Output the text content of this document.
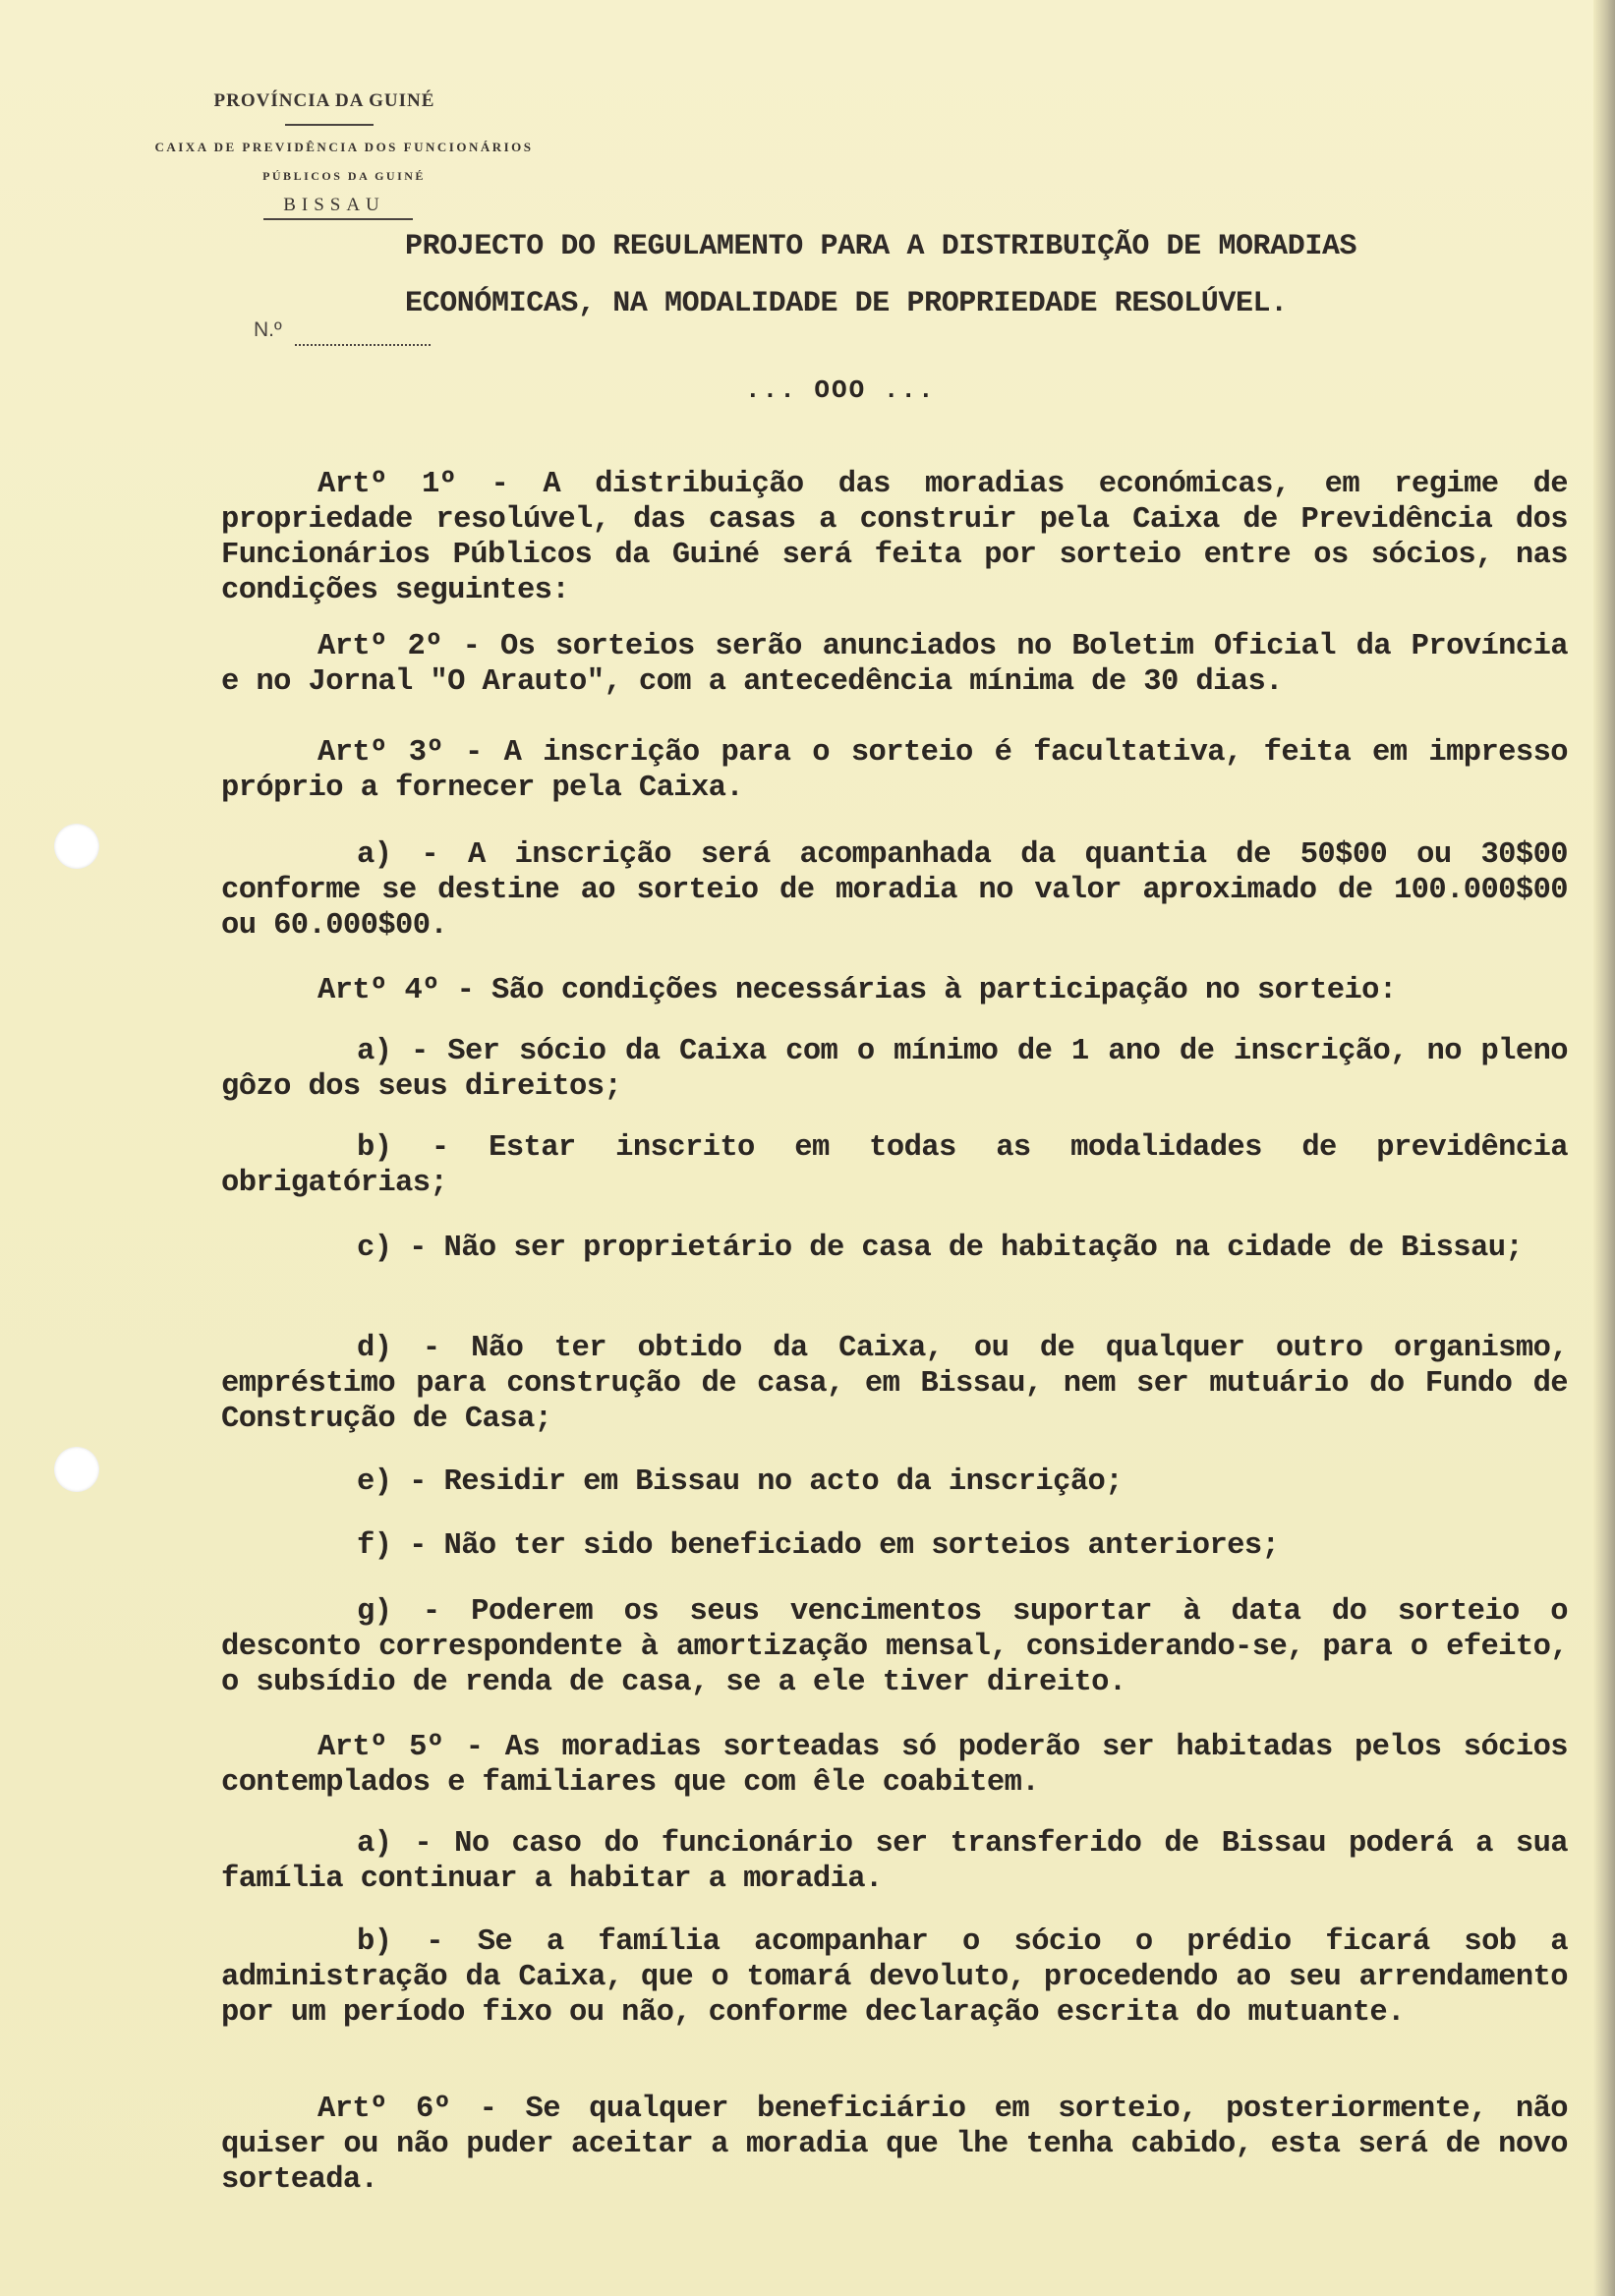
PROVÍNCIA DA GUINÉ
CAIXA DE PREVIDÊNCIA DOS FUNCIONÁRIOS
PÚBLICOS DA GUINÉ
BISSAU
N.º
PROJECTO DO REGULAMENTO PARA A DISTRIBUIÇÃO DE MORADIAS
ECONÓMICAS, NA MODALIDADE DE PROPRIEDADE RESOLÚVEL.
... OOO ...

Artº 1º - A distribuição das moradias económicas, em regime de propriedade resolúvel, das casas a construir pela Caixa de Previdência dos Funcionários Públicos da Guiné será feita por sorteio entre os sócios, nas condições seguintes:

Artº 2º - Os sorteios serão anunciados no Boletim Oficial da Província e no Jornal "O Arauto", com a antecedência mínima de 30 dias.

Artº 3º - A inscrição para o sorteio é facultativa, feita em impresso próprio a fornecer pela Caixa.

a) - A inscrição será acompanhada da quantia de 50$00 ou 30$00 conforme se destine ao sorteio de moradia no valor aproximado de 100.000$00 ou 60.000$00.

Artº 4º - São condições necessárias à participação no sorteio:

a) - Ser sócio da Caixa com o mínimo de 1 ano de inscrição, no pleno gôzo dos seus direitos;

b) - Estar inscrito em todas as modalidades de previdência obrigatórias;

c) - Não ser proprietário de casa de habitação na cidade de Bissau;

d) - Não ter obtido da Caixa, ou de qualquer outro organismo, empréstimo para construção de casa, em Bissau, nem ser mutuário do Fundo de Construção de Casa;

e) - Residir em Bissau no acto da inscrição;

f) - Não ter sido beneficiado em sorteios anteriores;

g) - Poderem os seus vencimentos suportar à data do sorteio o desconto correspondente à amortização mensal, considerando-se, para o efeito, o subsídio de renda de casa, se a ele tiver direito.

Artº 5º - As moradias sorteadas só poderão ser habitadas pelos sócios contemplados e familiares que com êle coabitem.

a) - No caso do funcionário ser transferido de Bissau poderá a sua família continuar a habitar a moradia.

b) - Se a família acompanhar o sócio o prédio ficará sob a administração da Caixa, que o tomará devoluto, procedendo ao seu arrendamento por um período fixo ou não, conforme declaração escrita do mutuante.

Artº 6º - Se qualquer beneficiário em sorteio, posteriormente, não quiser ou não puder aceitar a moradia que lhe tenha cabido, esta será de novo sorteada.
